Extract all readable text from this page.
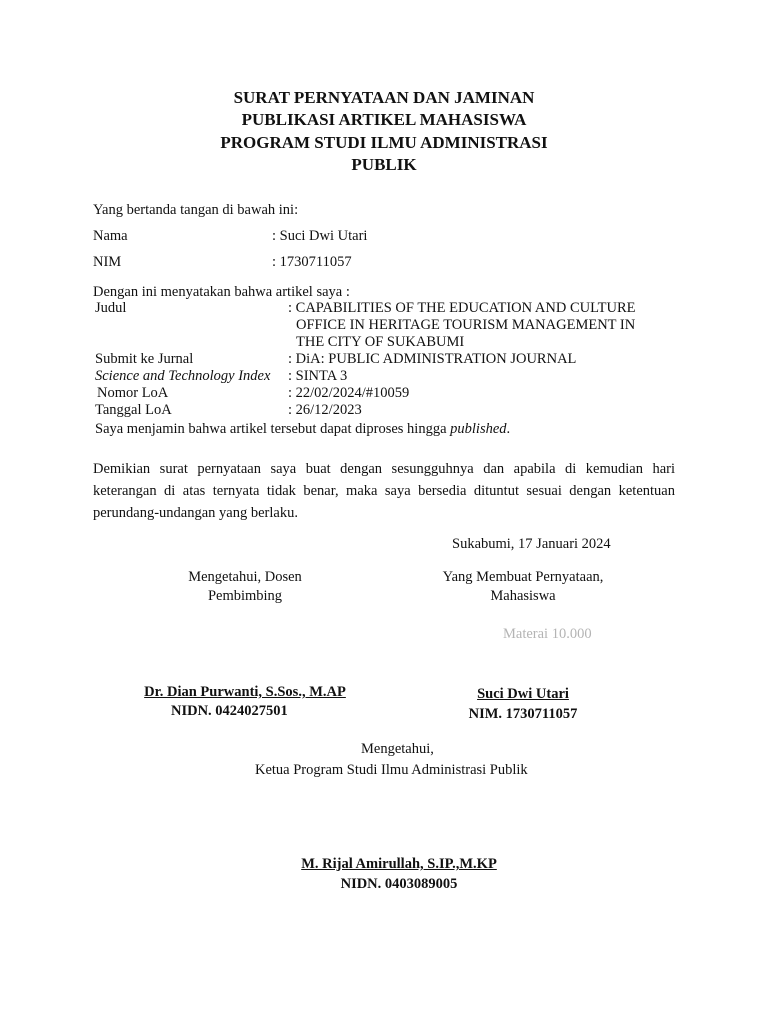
SURAT PERNYATAAN DAN JAMINAN
PUBLIKASI ARTIKEL MAHASISWA
PROGRAM STUDI ILMU ADMINISTRASI
PUBLIK
Yang bertanda tangan di bawah ini:
Nama	: Suci Dwi Utari
NIM	: 1730711057
Dengan ini menyatakan bahwa artikel saya :
Judul	: CAPABILITIES OF THE EDUCATION AND CULTURE
OFFICE IN HERITAGE TOURISM MANAGEMENT IN
THE CITY OF SUKABUMI
Submit ke Jurnal	: DiA: PUBLIC ADMINISTRATION JOURNAL
Science and Technology Index : SINTA 3
Nomor LoA	: 22/02/2024/#10059
Tanggal LoA	: 26/12/2023
Saya menjamin bahwa artikel tersebut dapat diproses hingga published.
Demikian surat pernyataan saya buat dengan sesungguhnya dan apabila di kemudian hari keterangan di atas ternyata tidak benar, maka saya bersedia dituntut sesuai dengan ketentuan perundang-undangan yang berlaku.
Sukabumi, 17 Januari 2024
Mengetahui, Dosen
Pembimbing
Dr. Dian Purwanti, S.Sos., M.AP
NIDN. 0424027501
Yang Membuat Pernyataan,
Mahasiswa
Materai 10.000
Suci Dwi Utari
NIM. 1730711057
Mengetahui,
Ketua Program Studi Ilmu Administrasi Publik
M. Rijal Amirullah, S.IP.,M.KP
NIDN. 0403089005
